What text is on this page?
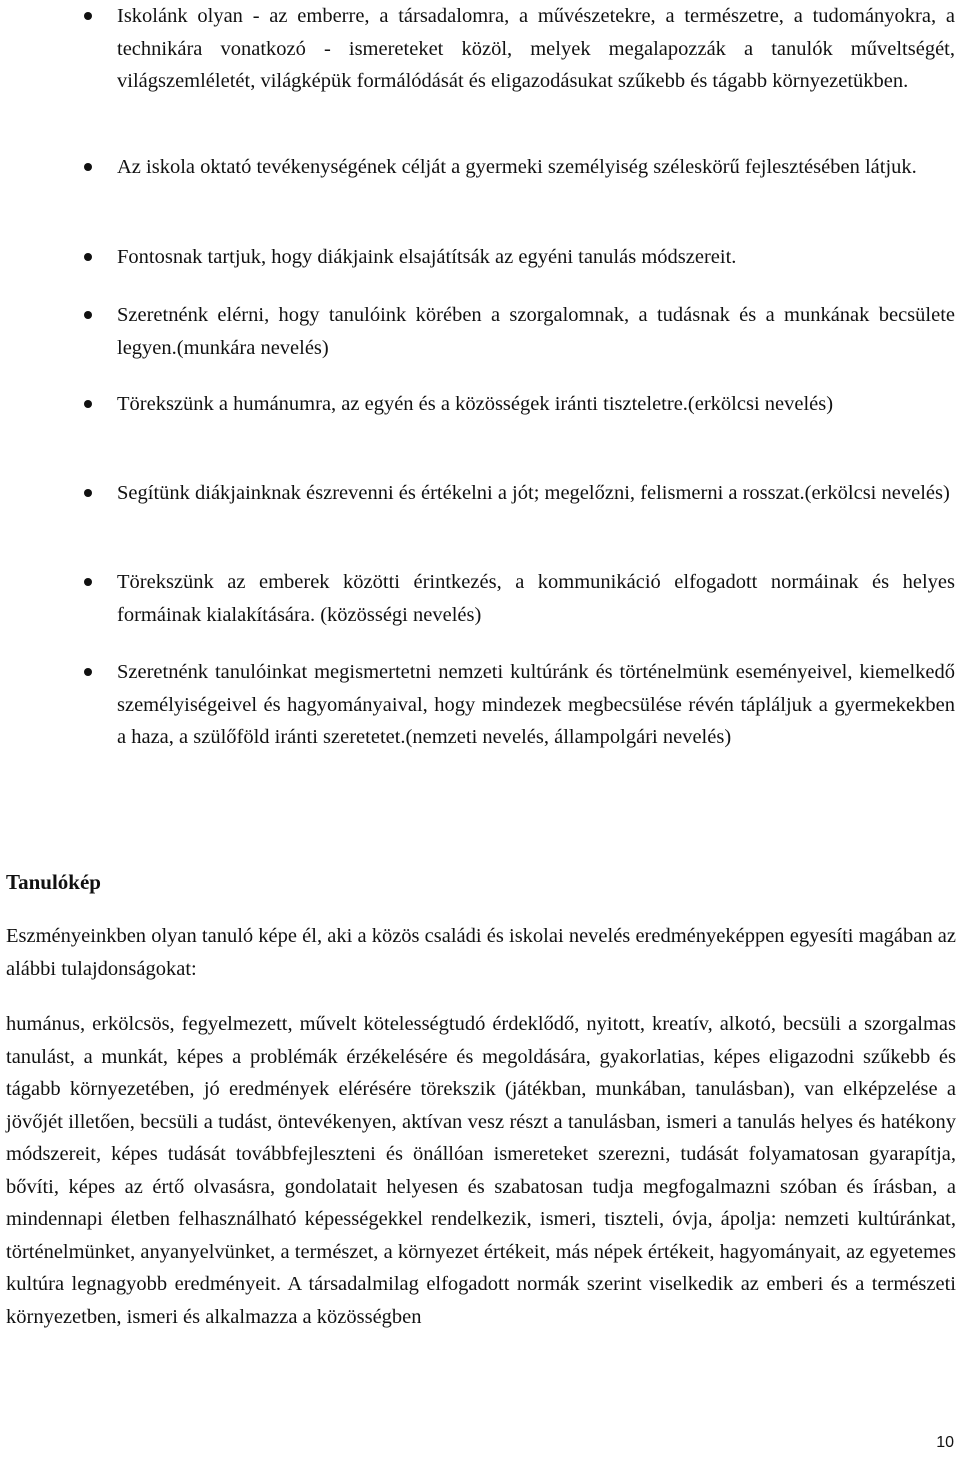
Iskolánk olyan - az emberre, a társadalomra, a művészetekre, a természetre, a tudományokra, a technikára vonatkozó - ismereteket közöl, melyek megalapozzák a tanulók műveltségét, világszemléletét, világképük formálódását és eligazodásukat szűkebb és tágabb környezetükben.
Az iskola oktató tevékenységének célját a gyermeki személyiség széleskörű fejlesztésében látjuk.
Fontosnak tartjuk, hogy diákjaink elsajátítsák az egyéni tanulás módszereit.
Szeretnénk elérni, hogy tanulóink körében a szorgalomnak, a tudásnak és a munkának becsülete legyen.(munkára nevelés)
Törekszünk a humánumra, az egyén és a közösségek iránti tiszteletre.(erkölcsi nevelés)
Segítünk diákjainknak észrevenni és értékelni a jót; megelőzni, felismerni a rosszat.(erkölcsi nevelés)
Törekszünk az emberek közötti érintkezés, a kommunikáció elfogadott normáinak és helyes formáinak kialakítására. (közösségi nevelés)
Szeretnénk tanulóinkat megismertetni nemzeti kultúránk és történelmünk eseményeivel, kiemelkedő személyiségeivel és hagyományaival, hogy mindezek megbecsülése révén tápláljuk a gyermekekben a haza, a szülőföld iránti szeretetet.(nemzeti nevelés, állampolgári nevelés)
Tanulókép
Eszményeinkben olyan tanuló képe él, aki a közös családi és iskolai nevelés eredményeképpen egyesíti magában az alábbi tulajdonságokat:
humánus, erkölcsös, fegyelmezett, művelt kötelességtudó érdeklődő, nyitott, kreatív, alkotó, becsüli a szorgalmas tanulást, a munkát, képes a problémák érzékelésére és megoldására, gyakorlatias, képes eligazodni szűkebb és tágabb környezetében, jó eredmények elérésére törekszik (játékban, munkában, tanulásban), van elképzelése a jövőjét illetően, becsüli a tudást, öntevékenyen, aktívan vesz részt a tanulásban, ismeri a tanulás helyes és hatékony módszereit, képes tudását továbbfejleszteni és önállóan ismereteket szerezni, tudását folyamatosan gyarapítja, bővíti, képes az értő olvasásra, gondolatait helyesen és szabatosan tudja megfogalmazni szóban és írásban, a mindennapi életben felhasználható képességekkel rendelkezik, ismeri, tiszteli, óvja, ápolja: nemzeti kultúránkat, történelmünket, anyanyelvünket, a természet, a környezet értékeit, más népek értékeit, hagyományait, az egyetemes kultúra legnagyobb eredményeit. A társadalmilag elfogadott normák szerint viselkedik az emberi és a természeti környezetben, ismeri és alkalmazza a közösségben
10
